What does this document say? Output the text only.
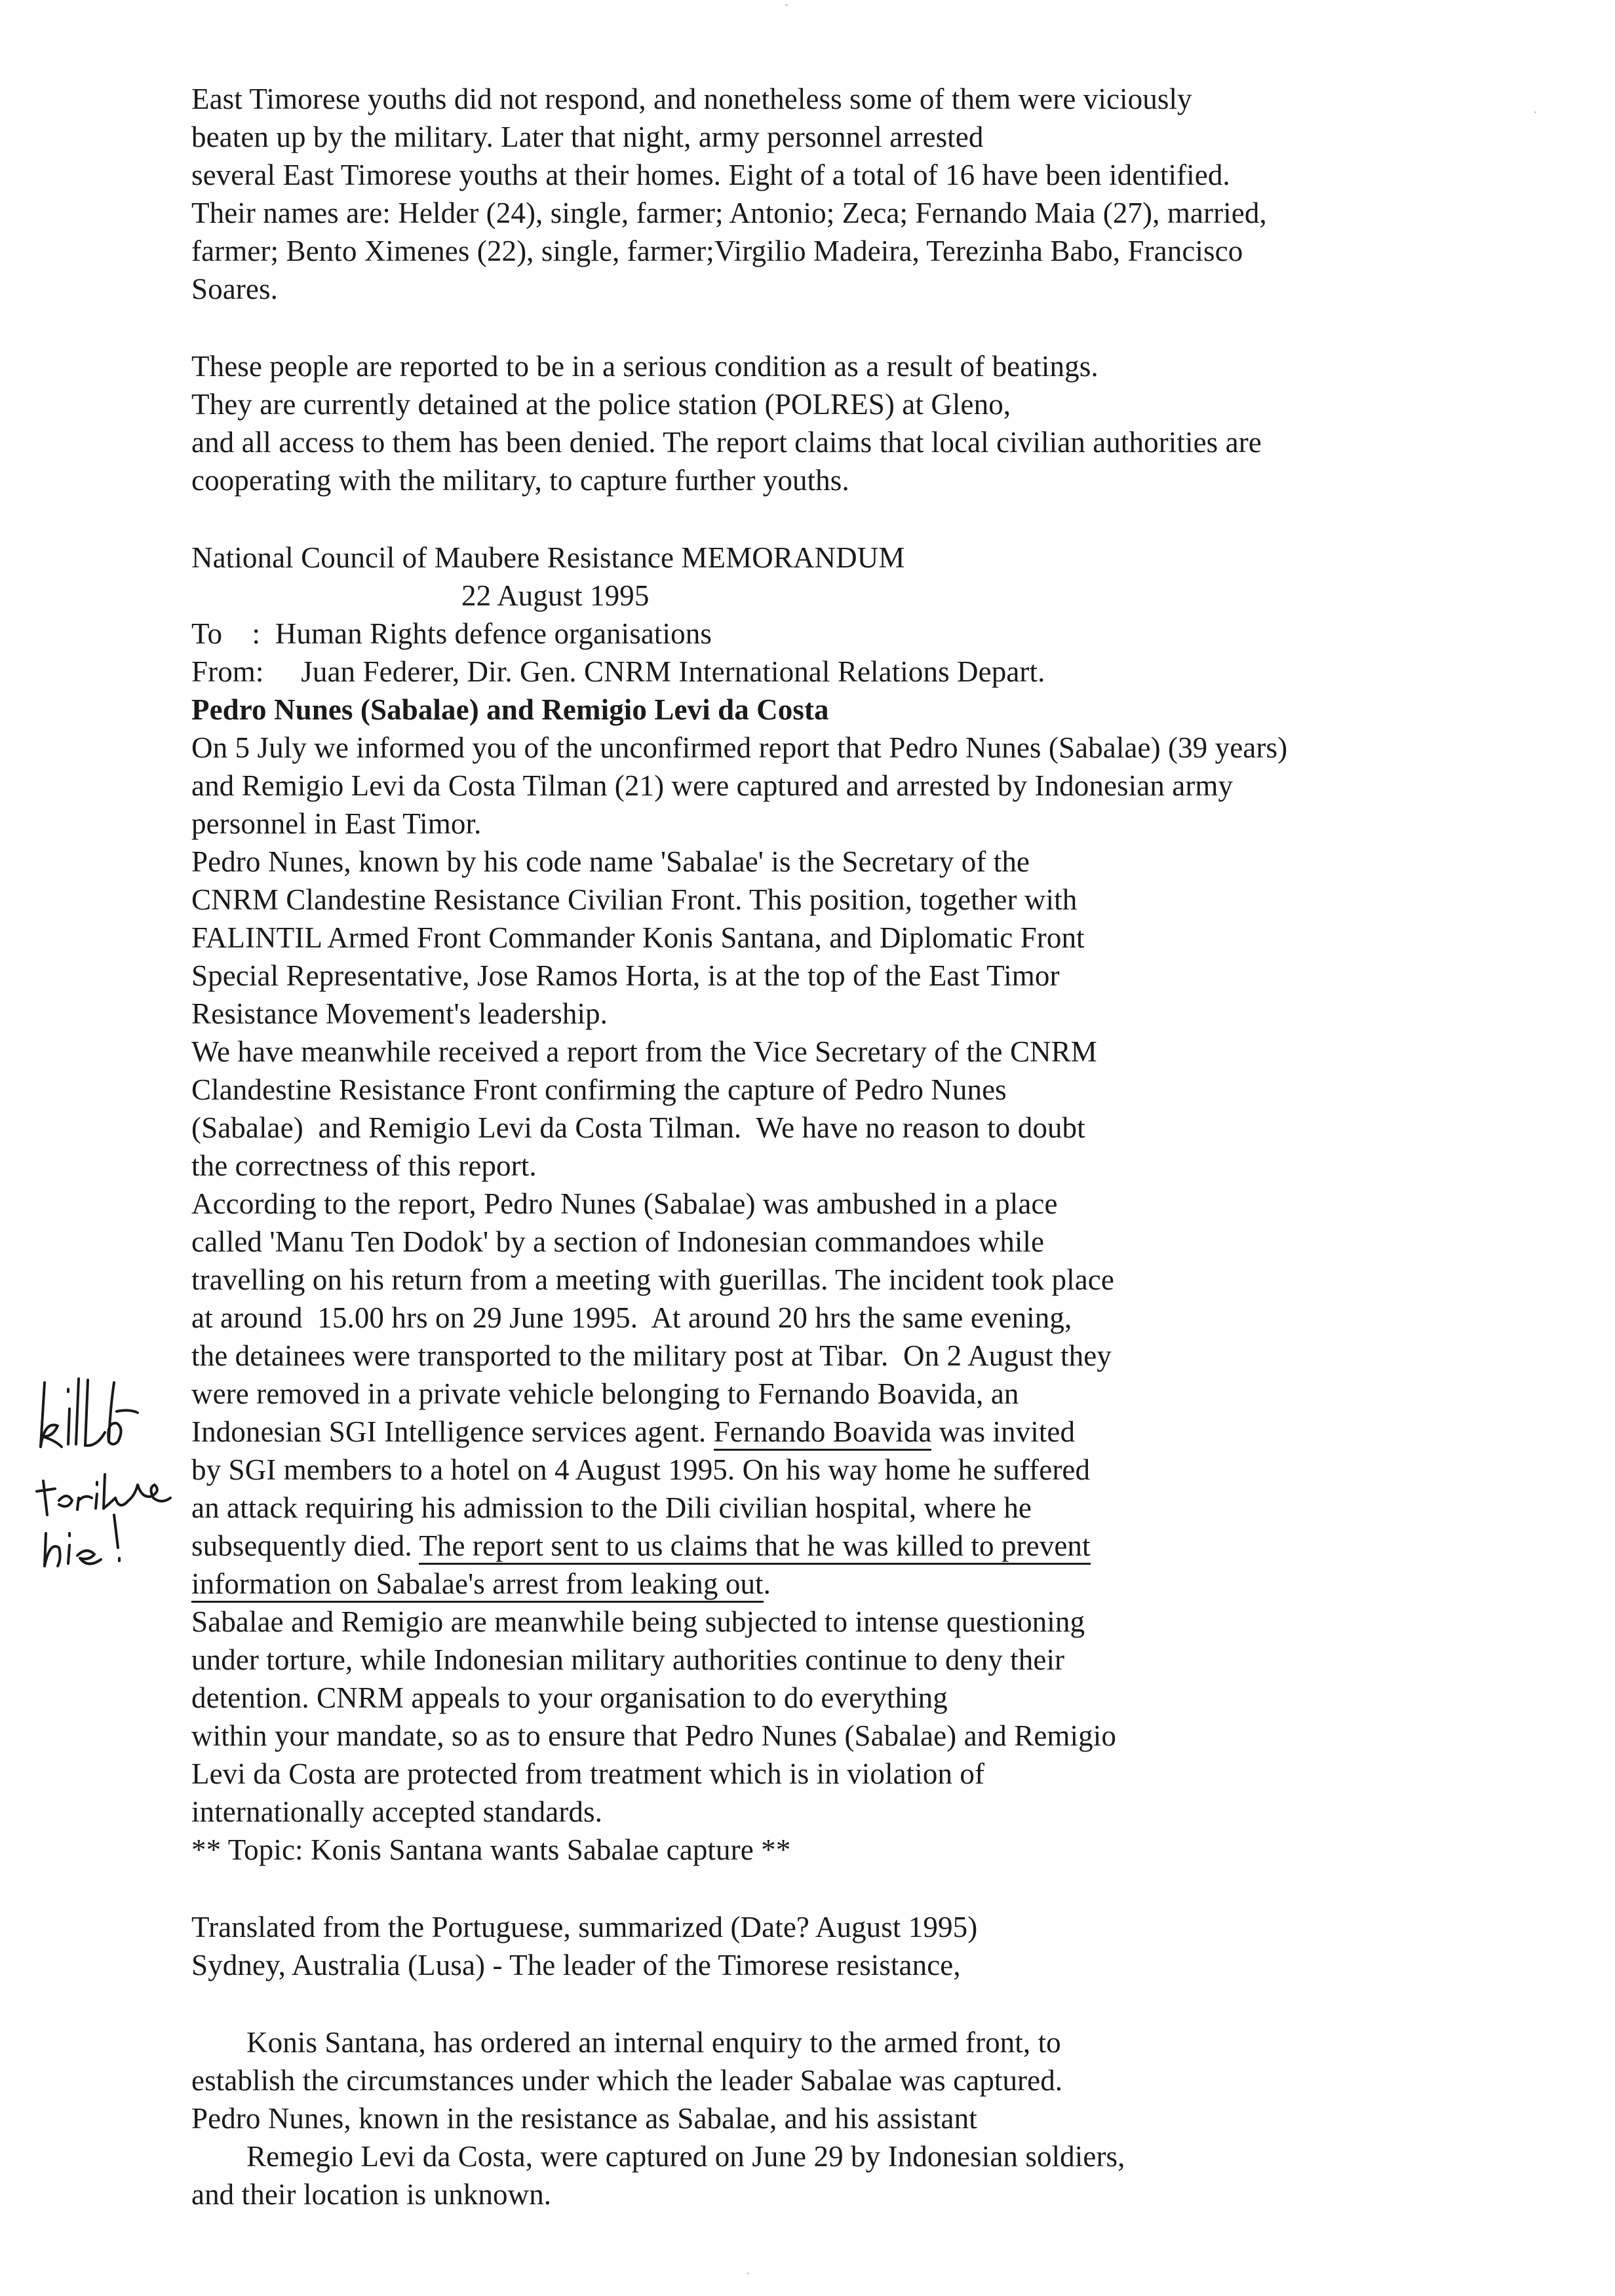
East Timorese youths did not respond, and nonetheless some of them were viciously
beaten up by the military. Later that night, army personnel arrested
several East Timorese youths at their homes. Eight of a total of 16 have been identified.
Their names are: Helder (24), single, farmer; Antonio; Zeca; Fernando Maia (27), married,
farmer; Bento Ximenes (22), single, farmer;Virgilio Madeira, Terezinha Babo, Francisco
Soares.
These people are reported to be in a serious condition as a result of beatings.
They are currently detained at the police station (POLRES) at Gleno,
and all access to them has been denied. The report claims that local civilian authorities are
cooperating with the military, to capture further youths.
National Council of Maubere Resistance MEMORANDUM
22 August 1995
To    :  Human Rights defence organisations
From:     Juan Federer, Dir. Gen. CNRM International Relations Depart.
Pedro Nunes (Sabalae) and Remigio Levi da Costa
On 5 July we informed you of the unconfirmed report that Pedro Nunes (Sabalae) (39 years)
and Remigio Levi da Costa Tilman (21) were captured and arrested by Indonesian army
personnel in East Timor.
Pedro Nunes, known by his code name 'Sabalae' is the Secretary of the
CNRM Clandestine Resistance Civilian Front. This position, together with
FALINTIL Armed Front Commander Konis Santana, and Diplomatic Front
Special Representative, Jose Ramos Horta, is at the top of the East Timor
Resistance Movement's leadership.
We have meanwhile received a report from the Vice Secretary of the CNRM
Clandestine Resistance Front confirming the capture of Pedro Nunes
(Sabalae)  and Remigio Levi da Costa Tilman.  We have no reason to doubt
the correctness of this report.
According to the report, Pedro Nunes (Sabalae) was ambushed in a place
called 'Manu Ten Dodok' by a section of Indonesian commandoes while
travelling on his return from a meeting with guerillas. The incident took place
at around  15.00 hrs on 29 June 1995.  At around 20 hrs the same evening,
the detainees were transported to the military post at Tibar.  On 2 August they
were removed in a private vehicle belonging to Fernando Boavida, an
Indonesian SGI Intelligence services agent. Fernando Boavida was invited
by SGI members to a hotel on 4 August 1995. On his way home he suffered
an attack requiring his admission to the Dili civilian hospital, where he
subsequently died. The report sent to us claims that he was killed to prevent
information on Sabalae's arrest from leaking out.
Sabalae and Remigio are meanwhile being subjected to intense questioning
under torture, while Indonesian military authorities continue to deny their
detention. CNRM appeals to your organisation to do everything
within your mandate, so as to ensure that Pedro Nunes (Sabalae) and Remigio
Levi da Costa are protected from treatment which is in violation of
internationally accepted standards.
** Topic: Konis Santana wants Sabalae capture **
Translated from the Portuguese, summarized (Date? August 1995)
Sydney, Australia (Lusa) - The leader of the Timorese resistance,
Konis Santana, has ordered an internal enquiry to the armed front, to
establish the circumstances under which the leader Sabalae was captured.
Pedro Nunes, known in the resistance as Sabalae, and his assistant
Remegio Levi da Costa, were captured on June 29 by Indonesian soldiers,
and their location is unknown.
